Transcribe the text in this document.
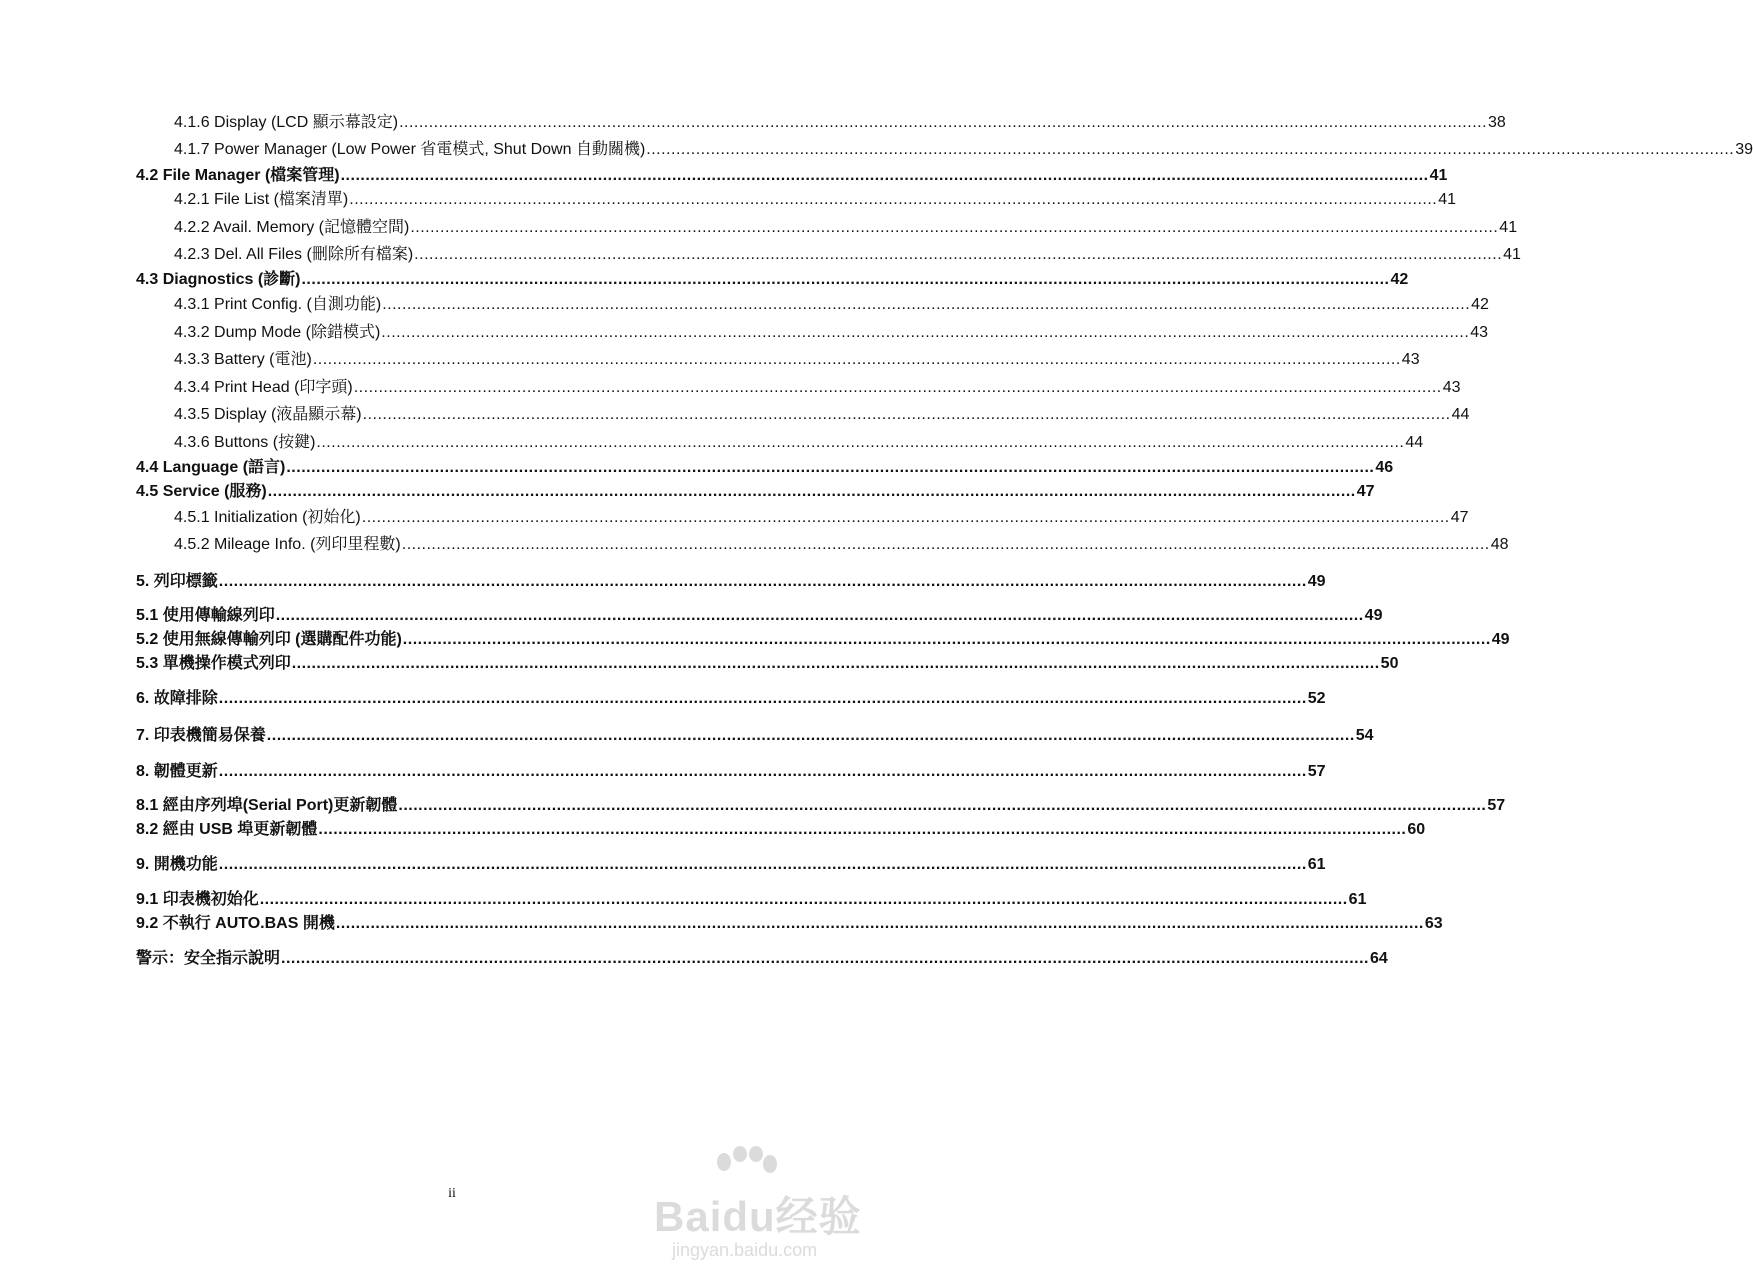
4.1.6 Display (LCD 顯示幕設定) ............................................................................................................................................................................................................................ 38
4.1.7 Power Manager (Low Power 省電模式, Shut Down 自動關機) ............................................................................................................................................................................................................................ 39
4.2 File Manager (檔案管理) ............................................................................................................................................................................................................................ 41
4.2.1 File List (檔案清單) ............................................................................................................................................................................................................................ 41
4.2.2 Avail. Memory (記憶體空間) ............................................................................................................................................................................................................................ 41
4.2.3 Del. All Files (刪除所有檔案) ............................................................................................................................................................................................................................ 41
4.3 Diagnostics (診斷) ............................................................................................................................................................................................................................ 42
4.3.1 Print Config. (自測功能) ............................................................................................................................................................................................................................ 42
4.3.2 Dump Mode (除錯模式) ............................................................................................................................................................................................................................ 43
4.3.3 Battery (電池) ............................................................................................................................................................................................................................ 43
4.3.4 Print Head (印字頭) ............................................................................................................................................................................................................................ 43
4.3.5 Display (液晶顯示幕) ............................................................................................................................................................................................................................ 44
4.3.6 Buttons (按鍵) ............................................................................................................................................................................................................................ 44
4.4 Language (語言) ............................................................................................................................................................................................................................ 46
4.5 Service (服務) ............................................................................................................................................................................................................................ 47
4.5.1 Initialization (初始化) ............................................................................................................................................................................................................................ 47
4.5.2 Mileage Info. (列印里程數) ............................................................................................................................................................................................................................ 48
5. 列印標籤 ............................................................................................................................................................................................................................ 49
5.1 使用傳輸線列印 ............................................................................................................................................................................................................................ 49
5.2 使用無線傳輸列印 (選購配件功能) ............................................................................................................................................................................................................................ 49
5.3 單機操作模式列印 ............................................................................................................................................................................................................................ 50
6. 故障排除 ............................................................................................................................................................................................................................ 52
7. 印表機簡易保養 ............................................................................................................................................................................................................................ 54
8. 韌體更新 ............................................................................................................................................................................................................................ 57
8.1 經由序列埠(Serial Port)更新韌體 ............................................................................................................................................................................................................................ 57
8.2 經由 USB 埠更新韌體 ............................................................................................................................................................................................................................ 60
9. 開機功能 ............................................................................................................................................................................................................................ 61
9.1 印表機初始化 ............................................................................................................................................................................................................................ 61
9.2 不執行 AUTO.BAS 開機 ............................................................................................................................................................................................................................ 63
警示：安全指示說明 ............................................................................................................................................................................................................................ 64
ii	Baidu经验
jingyan.baidu.com
